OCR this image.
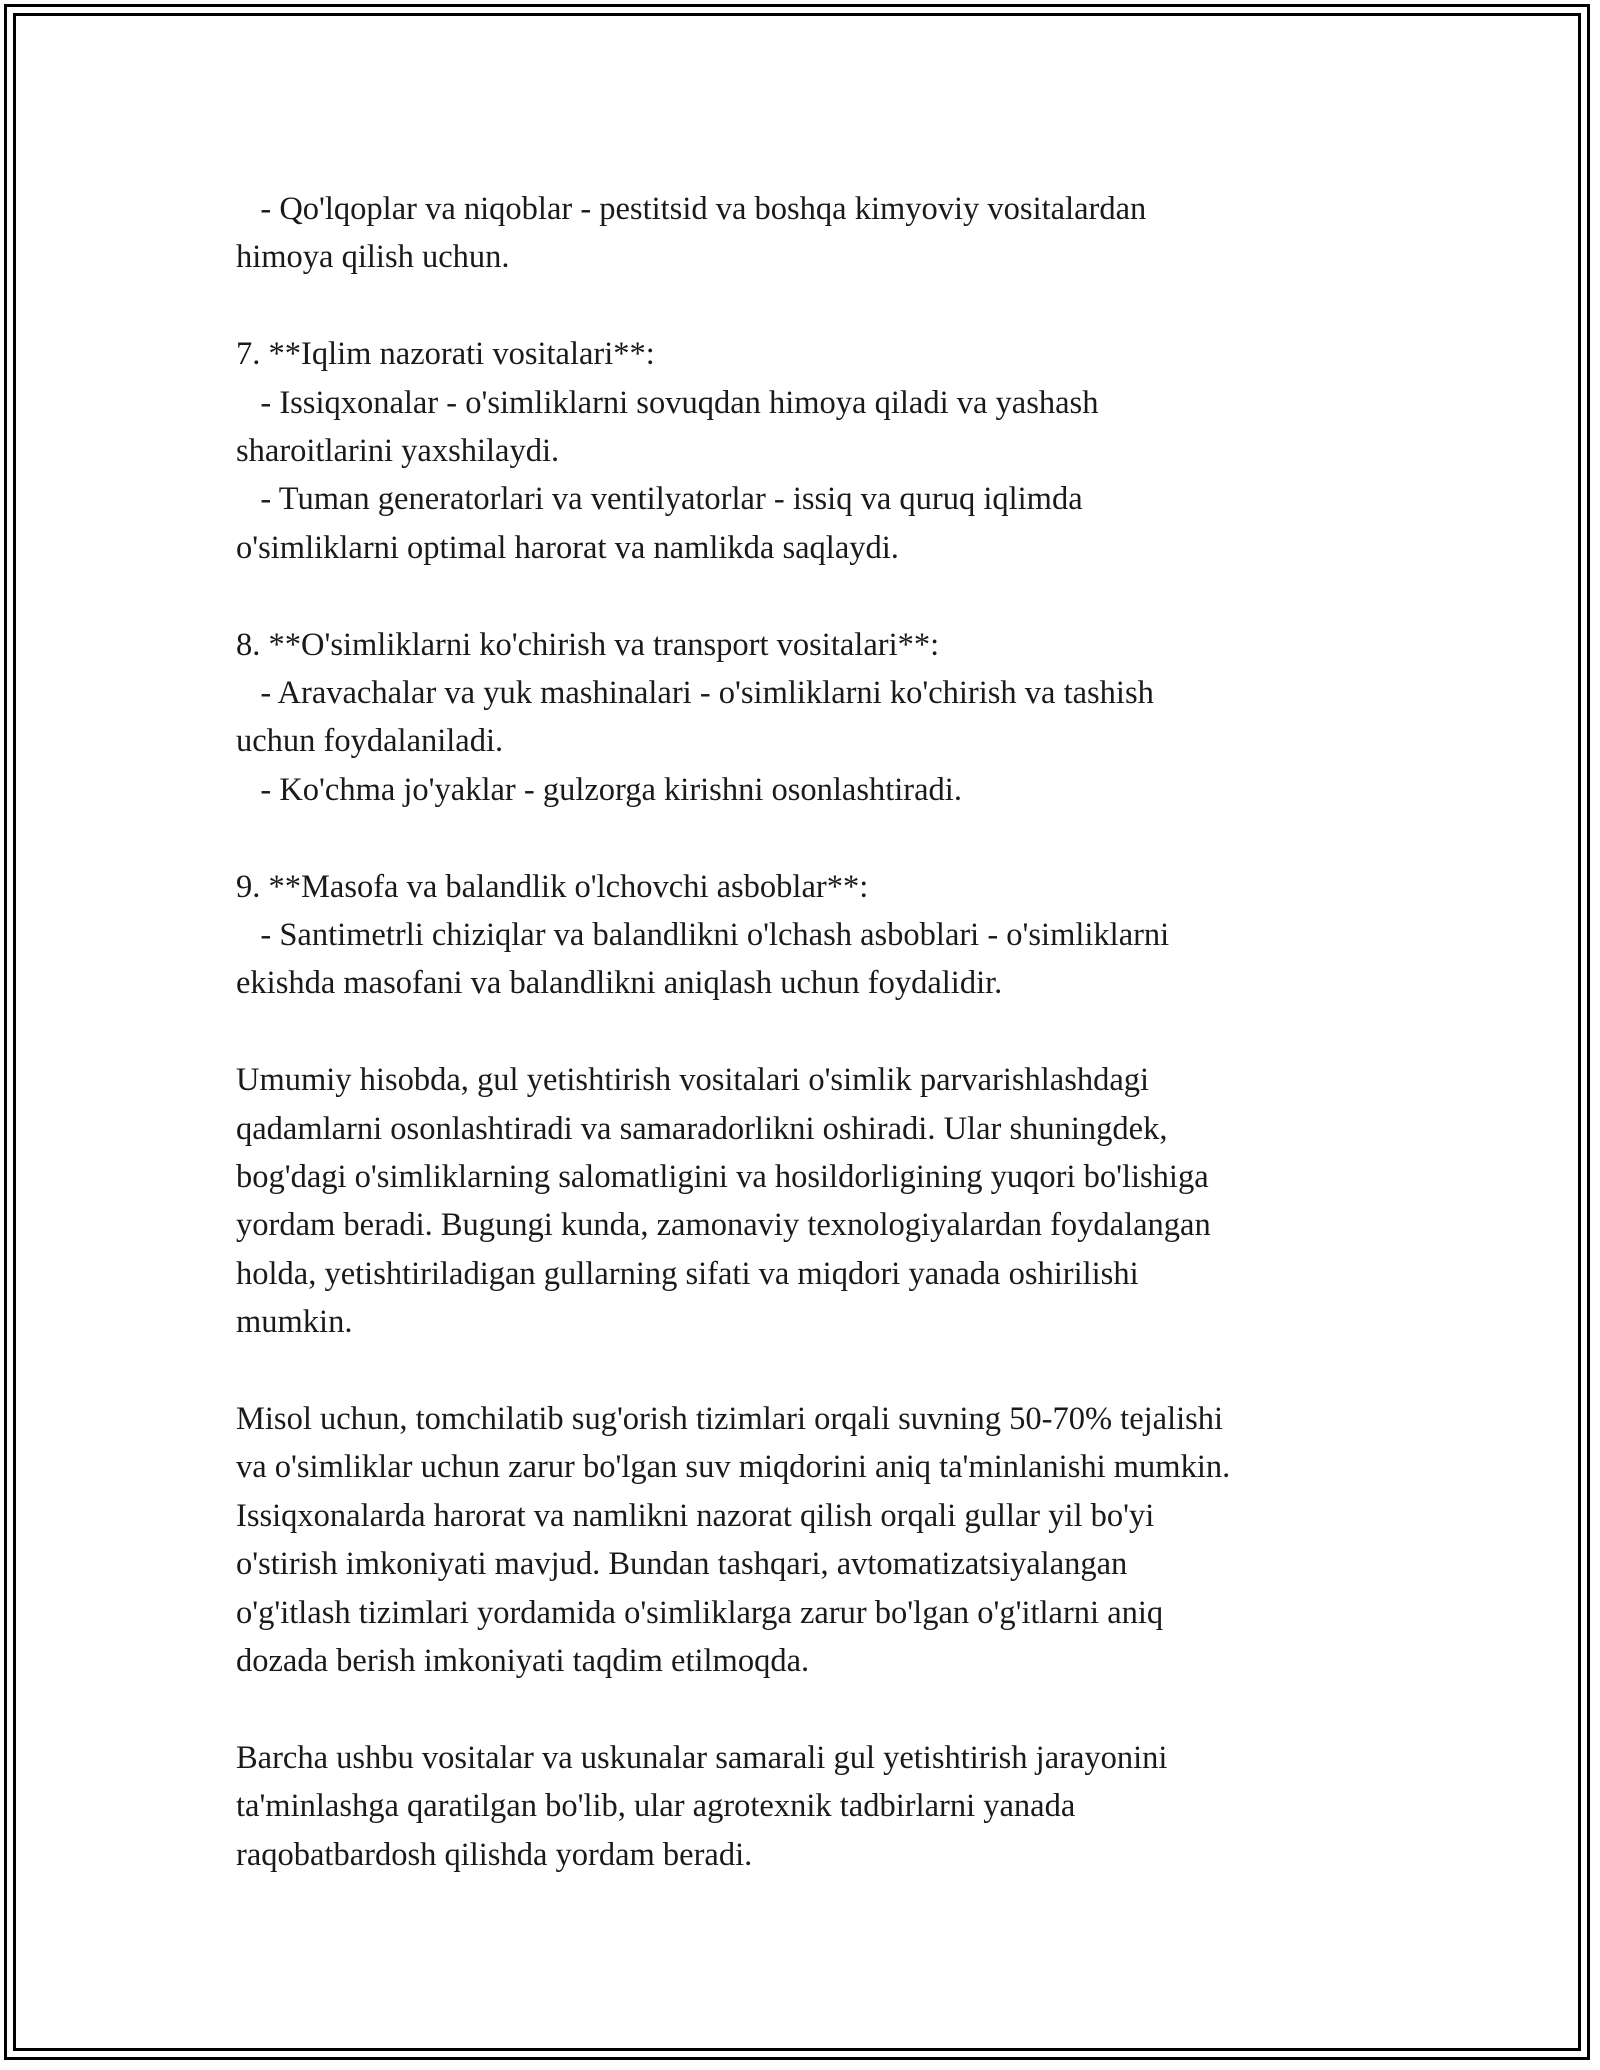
- Qo'lqoplar va niqoblar - pestitsid va boshqa kimyoviy vositalardan
himoya qilish uchun.
7. **Iqlim nazorati vositalari**:
- Issiqxonalar - o'simliklarni sovuqdan himoya qiladi va yashash
sharoitlarini yaxshilaydi.
- Tuman generatorlari va ventilyatorlar - issiq va quruq iqlimda
o'simliklarni optimal harorat va namlikda saqlaydi.
8. **O'simliklarni ko'chirish va transport vositalari**:
- Aravachalar va yuk mashinalari - o'simliklarni ko'chirish va tashish
uchun foydalaniladi.
- Ko'chma jo'yaklar - gulzorga kirishni osonlashtiradi.
9. **Masofa va balandlik o'lchovchi asboblar**:
- Santimetrli chiziqlar va balandlikni o'lchash asboblari - o'simliklarni
ekishda masofani va balandlikni aniqlash uchun foydalidir.
Umumiy hisobda, gul yetishtirish vositalari o'simlik parvarishlashdagi
qadamlarni osonlashtiradi va samaradorlikni oshiradi. Ular shuningdek,
bog'dagi o'simliklarning salomatligini va hosildorligining yuqori bo'lishiga
yordam beradi. Bugungi kunda, zamonaviy texnologiyalardan foydalangan
holda, yetishtiriladigan gullarning sifati va miqdori yanada oshirilishi
mumkin.
Misol uchun, tomchilatib sug'orish tizimlari orqali suvning 50-70% tejalishi
va o'simliklar uchun zarur bo'lgan suv miqdorini aniq ta'minlanishi mumkin.
Issiqxonalarda harorat va namlikni nazorat qilish orqali gullar yil bo'yi
o'stirish imkoniyati mavjud. Bundan tashqari, avtomatizatsiyalangan
o'g'itlash tizimlari yordamida o'simliklarga zarur bo'lgan o'g'itlarni aniq
dozada berish imkoniyati taqdim etilmoqda.
Barcha ushbu vositalar va uskunalar samarali gul yetishtirish jarayonini
ta'minlashga qaratilgan bo'lib, ular agrotexnik tadbirlarni yanada
raqobatbardosh qilishda yordam beradi.
